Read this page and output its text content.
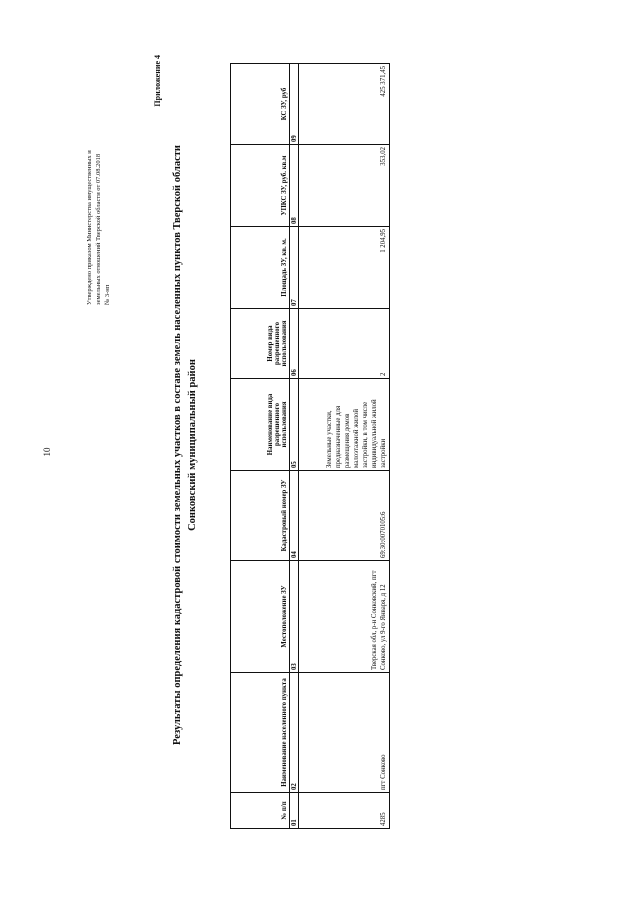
10
Утверждено приказом Министерства имущественных и земельных отношений Тверской области от 07.08.2018 № 3-нп
Приложение 4
Результаты определения кадастровой стоимости земельных участков в составе земель населенных пунктов Тверской области Сонковский муниципальный район
№ п/п	Наименование населенного пункта	Местоположение ЗУ	Кадастровый номер ЗУ	Наименование вида разрешенного использования	Номер вида разрешенного использования	Площадь ЗУ, кв. м.	УПКС ЗУ, руб. кв.м	КС ЗУ, руб
01	02	03	04	05	06	07	08	09
4285	пгт Сонково	Тверская обл, р-н Сонковский, пгт Сонково, ул 9-го Января, д 12	69:30:0070105:6	Земельные участки, предназначенные для размещения домов малоэтажной жилой застройки, в том числе индивидуальной жилой застройки	2	1 204,95	353,02	425 371,45
